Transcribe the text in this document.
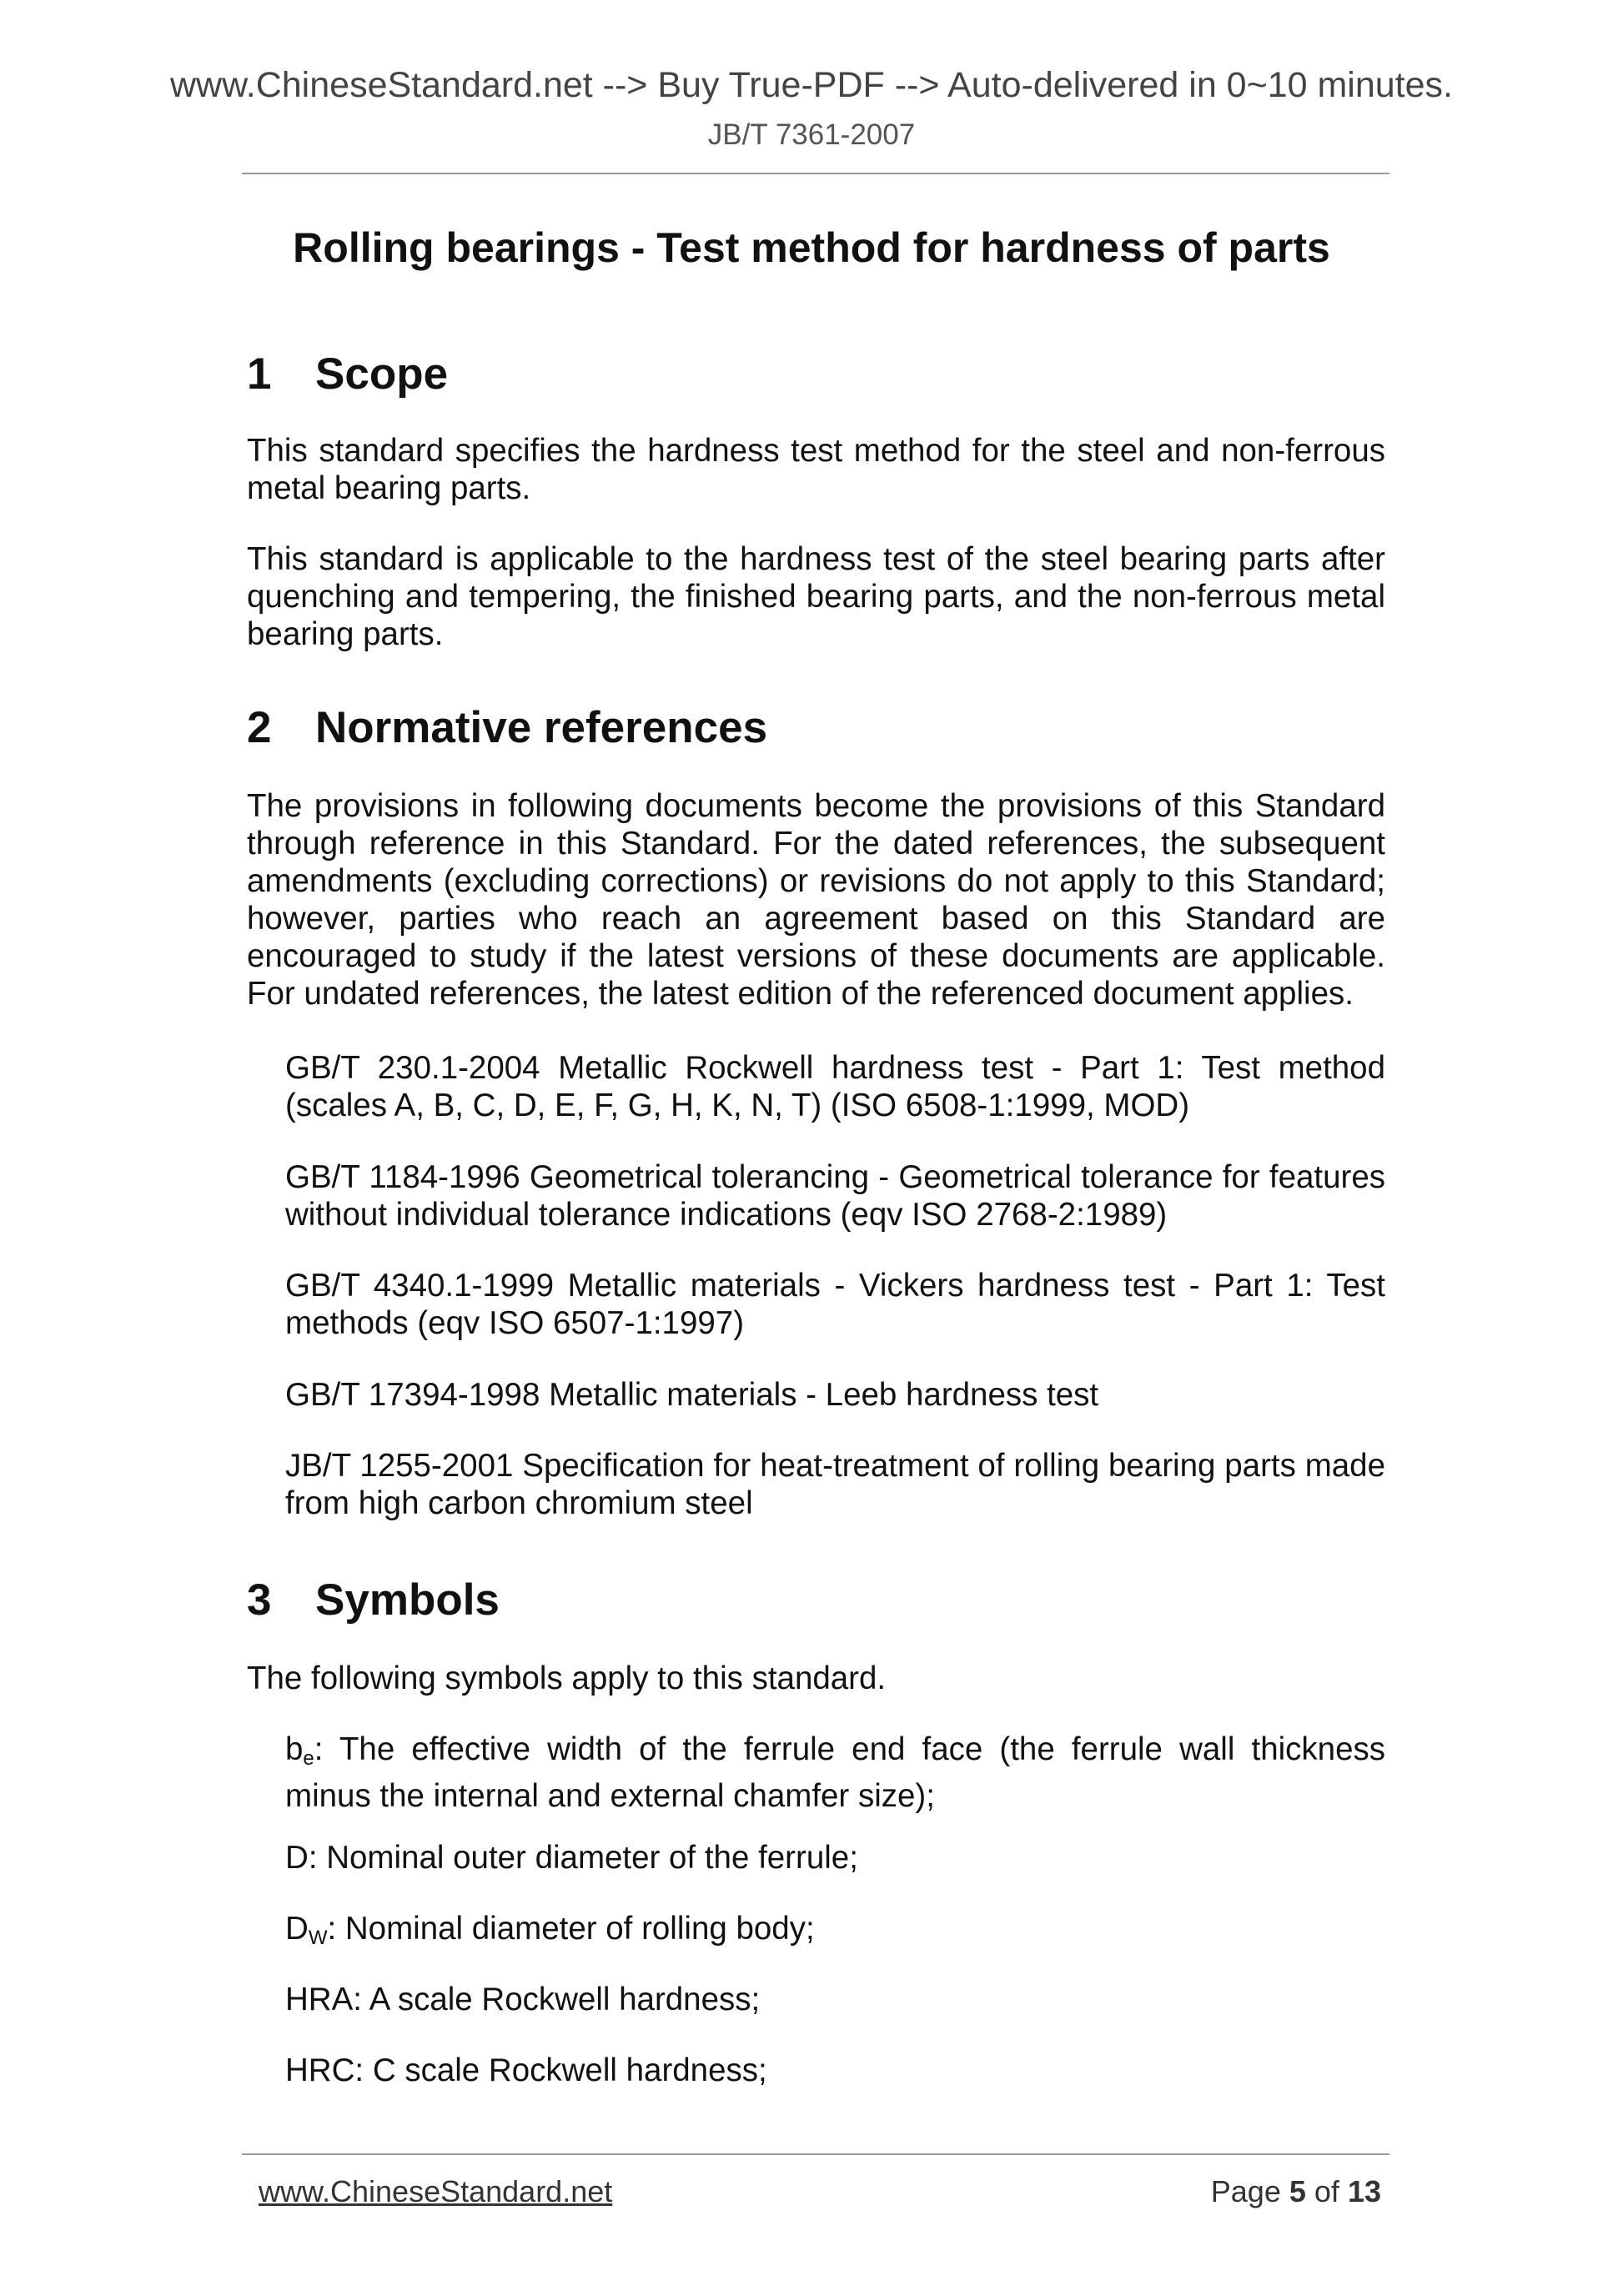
www.ChineseStandard.net --> Buy True-PDF --> Auto-delivered in 0~10 minutes.
JB/T 7361-2007
Rolling bearings - Test method for hardness of parts
1 Scope
This standard specifies the hardness test method for the steel and non-ferrous metal bearing parts.
This standard is applicable to the hardness test of the steel bearing parts after quenching and tempering, the finished bearing parts, and the non-ferrous metal bearing parts.
2 Normative references
The provisions in following documents become the provisions of this Standard through reference in this Standard. For the dated references, the subsequent amendments (excluding corrections) or revisions do not apply to this Standard; however, parties who reach an agreement based on this Standard are encouraged to study if the latest versions of these documents are applicable. For undated references, the latest edition of the referenced document applies.
GB/T 230.1-2004 Metallic Rockwell hardness test - Part 1: Test method (scales A, B, C, D, E, F, G, H, K, N, T) (ISO 6508-1:1999, MOD)
GB/T 1184-1996 Geometrical tolerancing - Geometrical tolerance for features without individual tolerance indications (eqv ISO 2768-2:1989)
GB/T 4340.1-1999 Metallic materials - Vickers hardness test - Part 1: Test methods (eqv ISO 6507-1:1997)
GB/T 17394-1998 Metallic materials - Leeb hardness test
JB/T 1255-2001 Specification for heat-treatment of rolling bearing parts made from high carbon chromium steel
3 Symbols
The following symbols apply to this standard.
$b_e$: The effective width of the ferrule end face (the ferrule wall thickness minus the internal and external chamfer size);
D: Nominal outer diameter of the ferrule;
$D_W$: Nominal diameter of rolling body;
HRA: A scale Rockwell hardness;
HRC: C scale Rockwell hardness;
www.ChineseStandard.net	Page 5 of 13
